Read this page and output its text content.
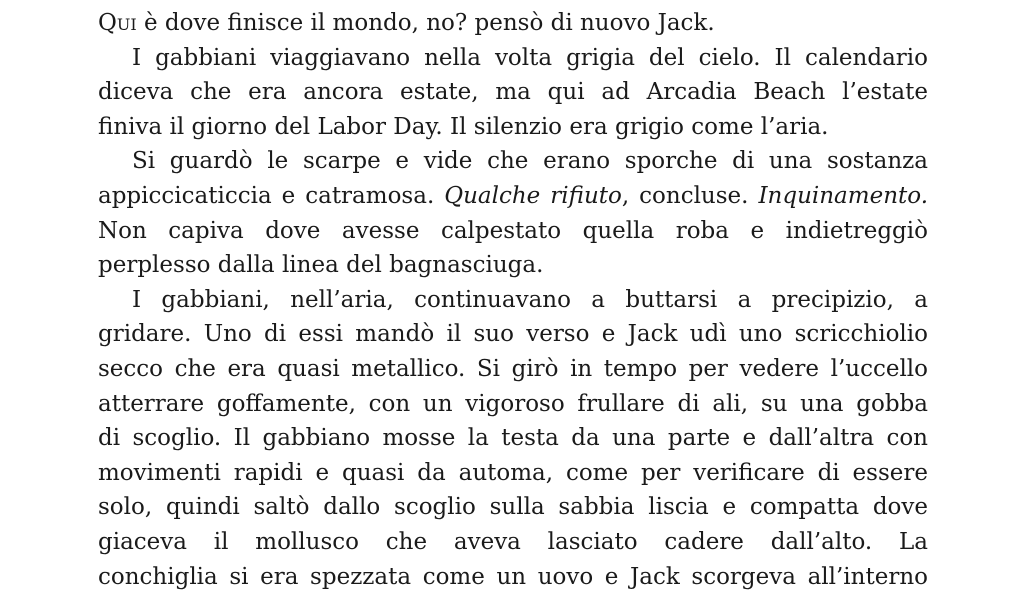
Qui è dove finisce il mondo, no? pensò di nuovo Jack.
I gabbiani viaggiavano nella volta grigia del cielo. Il calendario
diceva che era ancora estate, ma qui ad Arcadia Beach l’estate
finiva il giorno del Labor Day. Il silenzio era grigio come l’aria.
Si guardò le scarpe e vide che erano sporche di una sostanza
appiccicaticcia e catramosa. Qualche rifiuto, concluse. Inquinamento.
Non capiva dove avesse calpestato quella roba e indietreggiò
perplesso dalla linea del bagnasciuga.
I gabbiani, nell’aria, continuavano a buttarsi a precipizio, a
gridare. Uno di essi mandò il suo verso e Jack udì uno scricchiolio
secco che era quasi metallico. Si girò in tempo per vedere l’uccello
atterrare goffamente, con un vigoroso frullare di ali, su una gobba
di scoglio. Il gabbiano mosse la testa da una parte e dall’altra con
movimenti rapidi e quasi da automa, come per verificare di essere
solo, quindi saltò dallo scoglio sulla sabbia liscia e compatta dove
giaceva il mollusco che aveva lasciato cadere dall’alto. La
conchiglia si era spezzata come un uovo e Jack scorgeva all’interno
